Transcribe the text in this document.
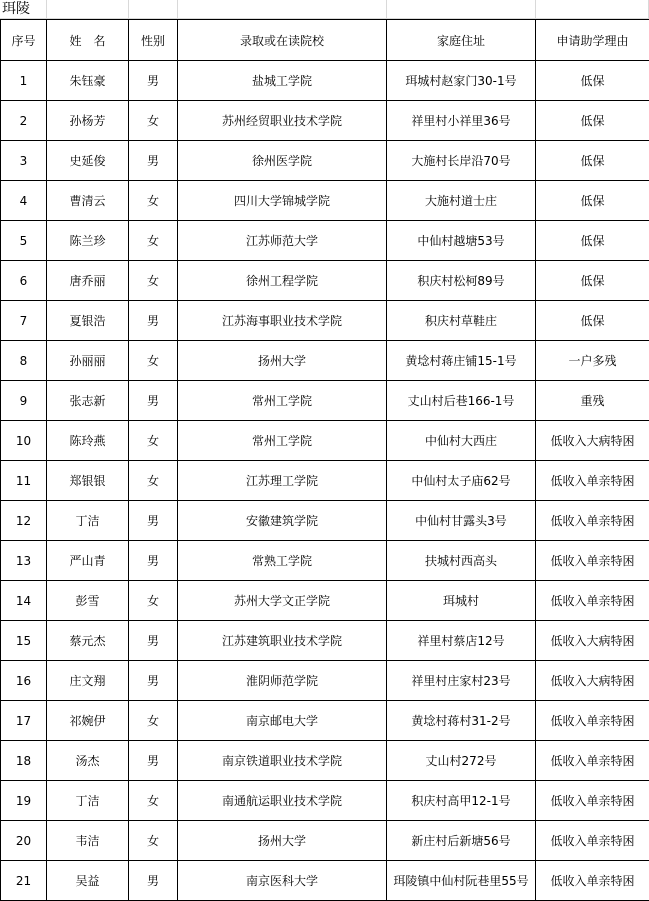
珥陵
序号	姓　名	性别	录取或在读院校	家庭住址	申请助学理由
1	朱钰豪	男	盐城工学院	珥城村赵家门30-1号	低保
2	孙杨芳	女	苏州经贸职业技术学院	祥里村小祥里36号	低保
3	史延俊	男	徐州医学院	大施村长岸沿70号	低保
4	曹清云	女	四川大学锦城学院	大施村道士庄	低保
5	陈兰珍	女	江苏师范大学	中仙村越塘53号	低保
6	唐乔丽	女	徐州工程学院	积庆村松柯89号	低保
7	夏银浩	男	江苏海事职业技术学院	积庆村草鞋庄	低保
8	孙丽丽	女	扬州大学	黄埝村蒋庄铺15-1号	一户多残
9	张志新	男	常州工学院	丈山村后巷166-1号	重残
10	陈玲燕	女	常州工学院	中仙村大西庄	低收入大病特困
11	郑银银	女	江苏理工学院	中仙村太子庙62号	低收入单亲特困
12	丁洁	男	安徽建筑学院	中仙村甘露头3号	低收入单亲特困
13	严山青	男	常熟工学院	扶城村西高头	低收入单亲特困
14	彭雪	女	苏州大学文正学院	珥城村	低收入单亲特困
15	蔡元杰	男	江苏建筑职业技术学院	祥里村蔡店12号	低收入大病特困
16	庄文翔	男	淮阴师范学院	祥里村庄家村23号	低收入大病特困
17	祁婉伊	女	南京邮电大学	黄埝村蒋村31-2号	低收入单亲特困
18	汤杰	男	南京铁道职业技术学院	丈山村272号	低收入单亲特困
19	丁洁	女	南通航运职业技术学院	积庆村高甲12-1号	低收入单亲特困
20	韦洁	女	扬州大学	新庄村后新塘56号	低收入单亲特困
21	吴益	男	南京医科大学	珥陵镇中仙村阮巷里55号	低收入单亲特困
